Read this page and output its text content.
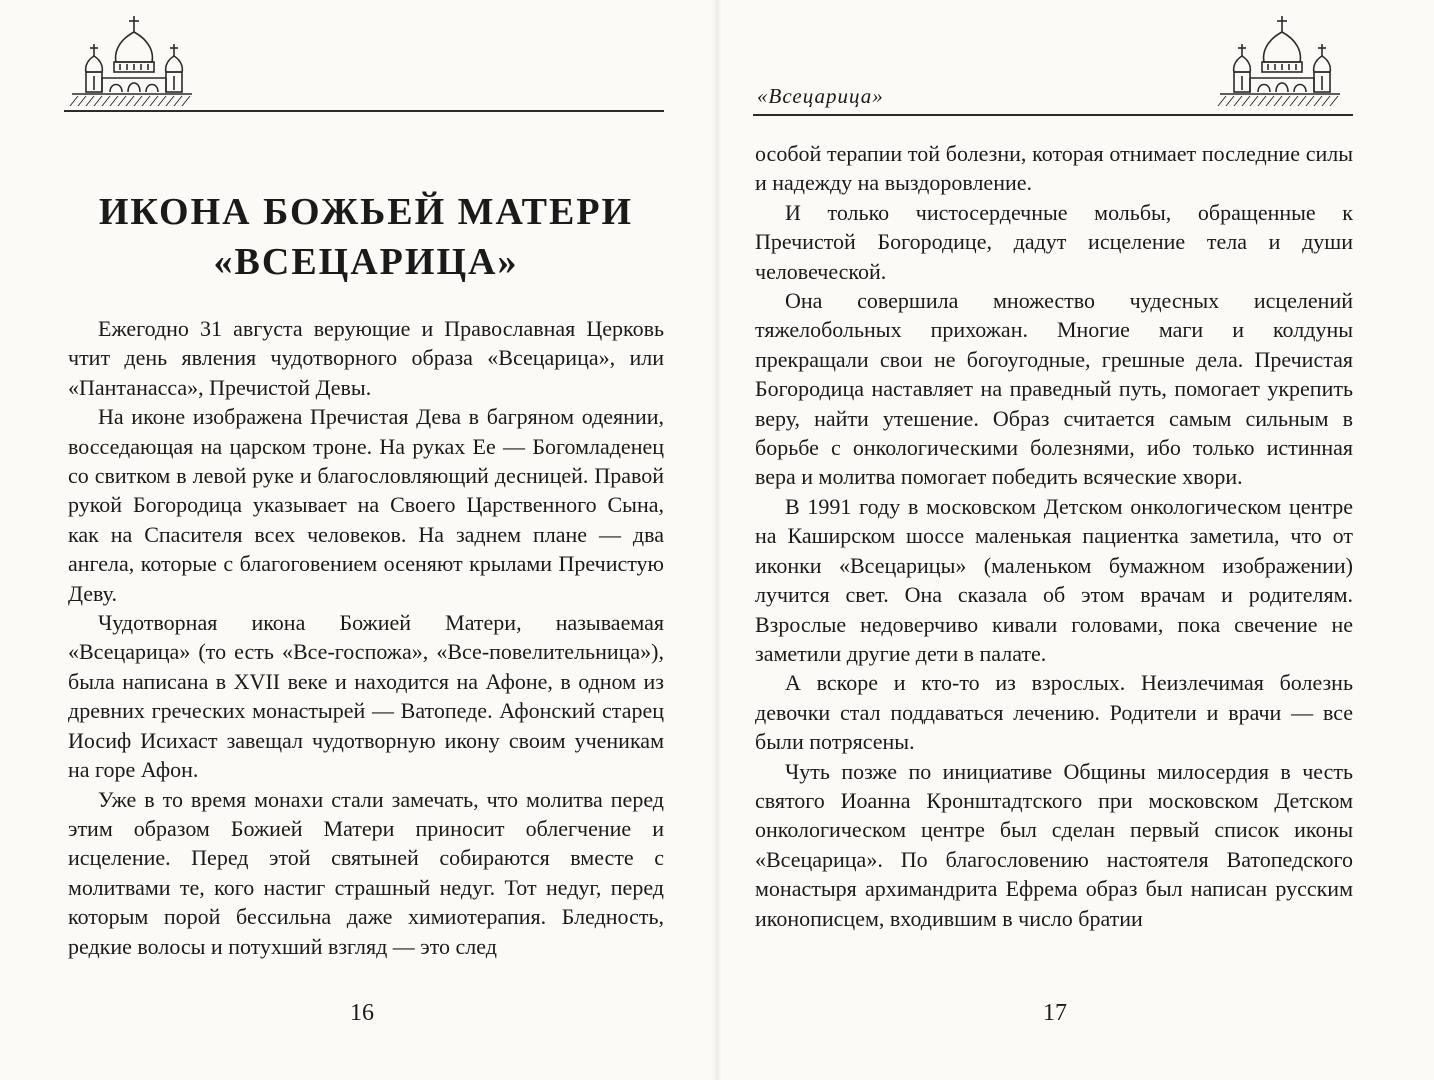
ИКОНА БОЖЬЕЙ МАТЕРИ
«ВСЕЦАРИЦА»

Ежегодно 31 августа верующие и Православная Церковь чтит день явления чудотворного образа «Всецарица», или «Пантанасса», Пречистой Девы.

На иконе изображена Пречистая Дева в багряном одеянии, восседающая на царском троне. На руках Ее — Богомладенец со свитком в левой руке и благословляющий десницей. Правой рукой Богородица указывает на Своего Царственного Сына, как на Спасителя всех человеков. На заднем плане — два ангела, которые с благоговением осеняют крылами Пречистую Деву.

Чудотворная икона Божией Матери, называемая «Всецарица» (то есть «Все-госпожа», «Все-повелительница»), была написана в XVII веке и находится на Афоне, в одном из древних греческих монастырей — Ватопеде. Афонский старец Иосиф Исихаст завещал чудотворную икону своим ученикам на горе Афон.

Уже в то время монахи стали замечать, что молитва перед этим образом Божией Матери приносит облегчение и исцеление. Перед этой святыней собираются вместе с молитвами те, кого настиг страшный недуг. Тот недуг, перед которым порой бессильна даже химиотерапия. Бледность, редкие волосы и потухший взгляд — это след

16
«Всецарица»

особой терапии той болезни, которая отнимает последние силы и надежду на выздоровление.

И только чистосердечные мольбы, обращенные к Пречистой Богородице, дадут исцеление тела и души человеческой.

Она совершила множество чудесных исцелений тяжелобольных прихожан. Многие маги и колдуны прекращали свои не богоугодные, грешные дела. Пречистая Богородица наставляет на праведный путь, помогает укрепить веру, найти утешение. Образ считается самым сильным в борьбе с онкологическими болезнями, ибо только истинная вера и молитва помогает победить всяческие хвори.

В 1991 году в московском Детском онкологическом центре на Каширском шоссе маленькая пациентка заметила, что от иконки «Всецарицы» (маленьком бумажном изображении) лучится свет. Она сказала об этом врачам и родителям. Взрослые недоверчиво кивали головами, пока свечение не заметили другие дети в палате.

А вскоре и кто-то из взрослых. Неизлечимая болезнь девочки стал поддаваться лечению. Родители и врачи — все были потрясены.

Чуть позже по инициативе Общины милосердия в честь святого Иоанна Кронштадтского при московском Детском онкологическом центре был сделан первый список иконы «Всецарица». По благословению настоятеля Ватопедского монастыря архимандрита Ефрема образ был написан русским иконописцем, входившим в число братии

17
